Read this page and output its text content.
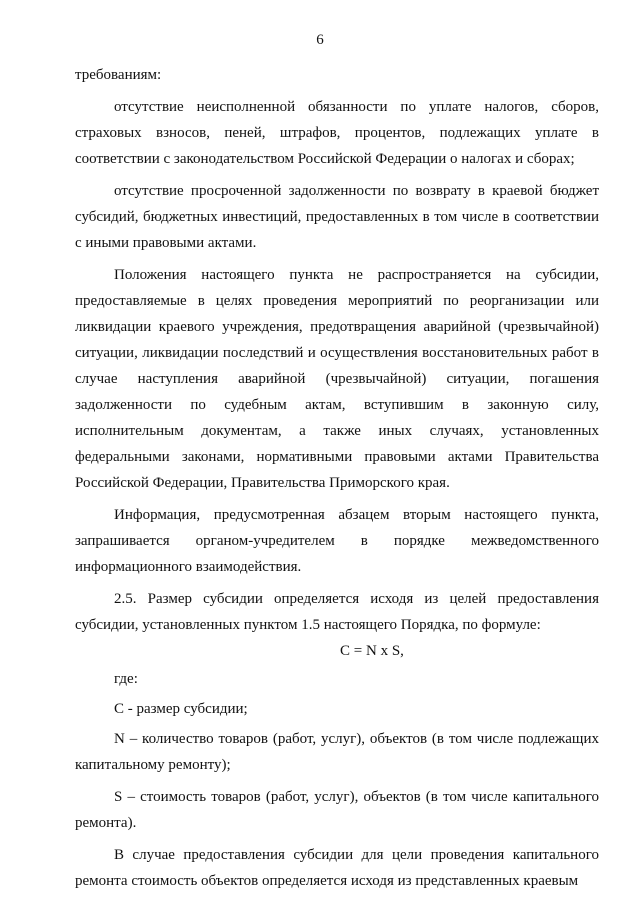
6

требованиям:

отсутствие неисполненной обязанности по уплате налогов, сборов, страховых взносов, пеней, штрафов, процентов, подлежащих уплате в соответствии с законодательством Российской Федерации о налогах и сборах;

отсутствие просроченной задолженности по возврату в краевой бюджет субсидий, бюджетных инвестиций, предоставленных в том числе в соответствии с иными правовыми актами.

Положения настоящего пункта не распространяется на субсидии, предоставляемые в целях проведения мероприятий по реорганизации или ликвидации краевого учреждения, предотвращения аварийной (чрезвычайной) ситуации, ликвидации последствий и осуществления восстановительных работ в случае наступления аварийной (чрезвычайной) ситуации, погашения задолженности по судебным актам, вступившим в законную силу, исполнительным документам, а также иных случаях, установленных федеральными законами, нормативными правовыми актами Правительства Российской Федерации, Правительства Приморского края.

Информация, предусмотренная абзацем вторым настоящего пункта, запрашивается органом-учредителем в порядке межведомственного информационного взаимодействия.

2.5. Размер субсидии определяется исходя из целей предоставления субсидии, установленных пунктом 1.5 настоящего Порядка, по формуле:

C = N x S,

где:

C - размер субсидии;

N – количество товаров (работ, услуг), объектов (в том числе подлежащих капитальному ремонту);

S – стоимость товаров (работ, услуг), объектов (в том числе капитального ремонта).

В случае предоставления субсидии для цели проведения капитального ремонта стоимость объектов определяется исходя из представленных краевым
